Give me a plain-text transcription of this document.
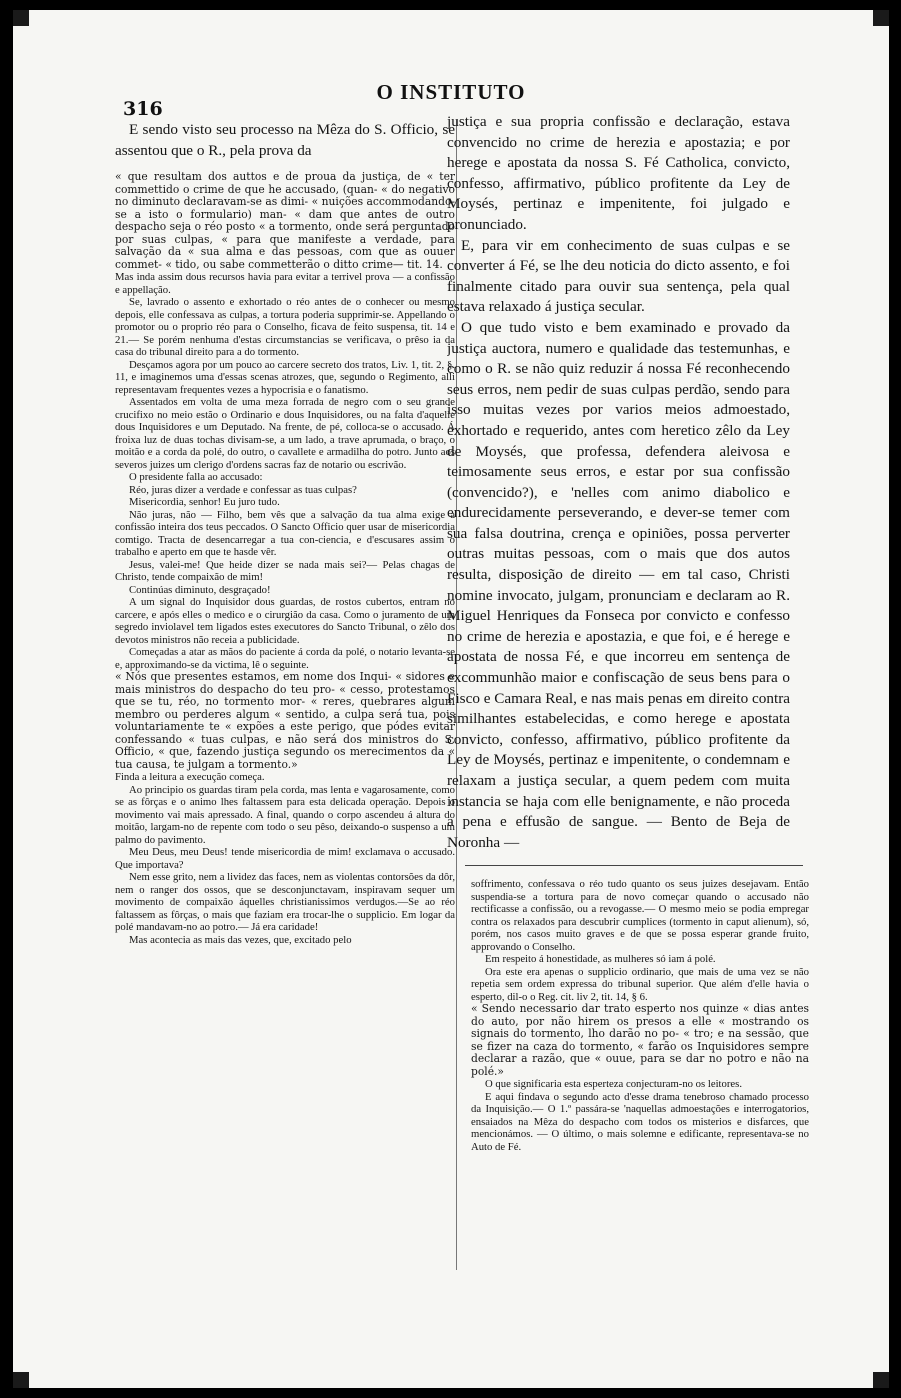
316
O INSTITUTO

E sendo visto seu processo na Mêza do S. Officio, se assentou que o R., pela prova da

« que resultam dos auttos e de proua da justiça, de « ter commettido o crime de que he accusado, (quan- « do negativo no diminuto declaravam-se as dimi- « nuições accommodando-se a isto o formulario) man- « dam que antes de outro despacho seja o réo posto « a tormento, onde será perguntado por suas culpas, « para que manifeste a verdade, para salvação da « sua alma e das pessoas, com que as ouuer commet- « tido, ou sabe commetterão o ditto crime— tit. 14.

Mas inda assim dous recursos havia para evitar a terrivel prova — a confissão e appellação.

Se, lavrado o assento e exhortado o réo antes de o conhecer ou mesmo depois, elle confessava as culpas, a tortura poderia supprimir-se. Appellando o promotor ou o proprio réo para o Conselho, ficava de feito suspensa, tit. 14 e 21.— Se porém nenhuma d'estas circumstancias se verificava, o prêso ia da casa do tribunal direito para a do tormento.

Desçamos agora por um pouco ao carcere secreto dos tratos, Liv. 1, tit. 2, §. 11, e imaginemos uma d'essas scenas atrozes, que, segundo o Regimento, alli representavam frequentes vezes a hypocrisia e o fanatismo.

Assentados em volta de uma meza forrada de negro com o seu grande crucifixo no meio estão o Ordinario e dous Inquisidores, ou na falta d'aquelle dous Inquisidores e um Deputado. Na frente, de pé, colloca-se o accusado. Á froixa luz de duas tochas divisam-se, a um lado, a trave aprumada, o braço, o moitão e a corda da polé, do outro, o cavallete e armadilha do potro. Junto aos severos juizes um clerigo d'ordens sacras faz de notario ou escrivão.

O presidente falla ao accusado:

Réo, juras dizer a verdade e confessar as tuas culpas?

Misericordia, senhor! Eu juro tudo.

Não juras, não — Filho, bem vês que a salvação da tua alma exige a confissão inteira dos teus peccados. O Sancto Officio quer usar de misericordia comtigo. Tracta de desencarregar a tua con-ciencia, e d'escusares assim o trabalho e aperto em que te hasde vêr.

Jesus, valei-me! Que heide dizer se nada mais sei?— Pelas chagas de Christo, tende compaixão de mim!

Continúas diminuto, desgraçado!

A um signal do Inquisidor dous guardas, de rostos cubertos, entram no carcere, e após elles o medico e o cirurgião da casa. Como o juramento de um segredo inviolavel tem ligados estes executores do Sancto Tribunal, o zêlo dos devotos ministros não receia a publicidade.

Começadas a atar as mãos do paciente á corda da polé, o notario levanta-se e, approximando-se da victima, lê o seguinte.

« Nós que presentes estamos, em nome dos Inqui- « sidores e mais ministros do despacho do teu pro- « cesso, protestamos que se tu, réo, no tormento mor- « reres, quebrares algum membro ou perderes algum « sentido, a culpa será tua, pois voluntariamente te « expões a este perigo, que pódes evitar confessando « tuas culpas, e não será dos ministros do S. Officio, « que, fazendo justiça segundo os merecimentos da « tua causa, te julgam a tormento.»

Finda a leitura a execução começa.

Ao principio os guardas tiram pela corda, mas lenta e vagarosamente, como se as fôrças e o animo lhes faltassem para esta delicada operação. Depois o movimento vai mais apressado. A final, quando o corpo ascendeu á altura do moitão, largam-no de repente com todo o seu pêso, deixando-o suspenso a um palmo do pavimento.

Meu Deus, meu Deus! tende misericordia de mim! exclamava o accusado. Que importava?

Nem esse grito, nem a lividez das faces, nem as violentas contorsões da dôr, nem o ranger dos ossos, que se desconjunctavam, inspiravam sequer um movimento de compaixão áquelles christianissimos verdugos.—Se ao réo faltassem as fôrças, o mais que faziam era trocar-lhe o supplicio. Em logar da polé mandavam-no ao potro.— Já era caridade!

Mas acontecia as mais das vezes, que, excitado pelo

justiça e sua propria confissão e declaração, estava convencido no crime de herezia e apostazia; e por herege e apostata da nossa S. Fé Catholica, convicto, confesso, affirmativo, público profitente da Ley de Moysés, pertinaz e impenitente, foi julgado e pronunciado.

E, para vir em conhecimento de suas culpas e se converter á Fé, se lhe deu noticia do dicto assento, e foi finalmente citado para ouvir sua sentença, pela qual estava relaxado á justiça secular.

O que tudo visto e bem examinado e provado da justiça auctora, numero e qualidade das testemunhas, e como o R. se não quiz reduzir á nossa Fé reconhecendo seus erros, nem pedir de suas culpas perdão, sendo para isso muitas vezes por varios meios admoestado, exhortado e requerido, antes com heretico zêlo da Ley de Moysés, que professa, defendera aleivosa e teimosamente seus erros, e estar por sua confissão (convencido?), e 'nelles com animo diabolico e endurecidamente perseverando, e dever-se temer com sua falsa doutrina, crença e opiniões, possa perverter outras muitas pessoas, com o mais que dos autos resulta, disposição de direito — em tal caso, Christi nomine invocato, julgam, pronunciam e declaram ao R. Miguel Henriques da Fonseca por convicto e confesso no crime de herezia e apostazia, e que foi, e é herege e apostata de nossa Fé, e que incorreu em sentença de excommunhão maior e confiscação de seus bens para o Fisco e Camara Real, e nas mais penas em direito contra similhantes estabelecidas, e como herege e apostata convicto, confesso, affirmativo, público profitente da Ley de Moysés, pertinaz e impenitente, o condemnam e relaxam a justiça secular, a quem pedem com muita instancia se haja com elle benignamente, e não proceda a pena e effusão de sangue. — Bento de Beja de Noronha —

soffrimento, confessava o réo tudo quanto os seus juizes desejavam. Então suspendia-se a tortura para de novo começar quando o accusado não rectificasse a confissão, ou a revogasse.— O mesmo meio se podia empregar contra os relaxados para descubrir cumplices (tormento in caput alienum), só, porém, nos casos muito graves e de que se possa esperar grande fruito, approvando o Conselho.

Em respeito á honestidade, as mulheres só iam á polé.

Ora este era apenas o supplicio ordinario, que mais de uma vez se não repetia sem ordem expressa do tribunal superior. Que além d'elle havia o esperto, dil-o o Reg. cit. liv 2, tit. 14, § 6.

« Sendo necessario dar trato esperto nos quinze « dias antes do auto, por não hirem os presos a elle « mostrando os signais do tormento, lho darão no po- « tro; e na sessão, que se fizer na caza do tormento, « farão os Inquisidores sempre declarar a razão, que « ouue, para se dar no potro e não na polé.»

O que significaria esta esperteza conjecturam-no os leitores.

E aqui findava o segundo acto d'esse drama tenebroso chamado processo da Inquisição.— O 1.º passára-se 'naquellas admoestações e interrogatorios, ensaiados na Mêza do despacho com todos os misterios e disfarces, que mencionámos. — O último, o mais solemne e edificante, representava-se no Auto de Fé.
